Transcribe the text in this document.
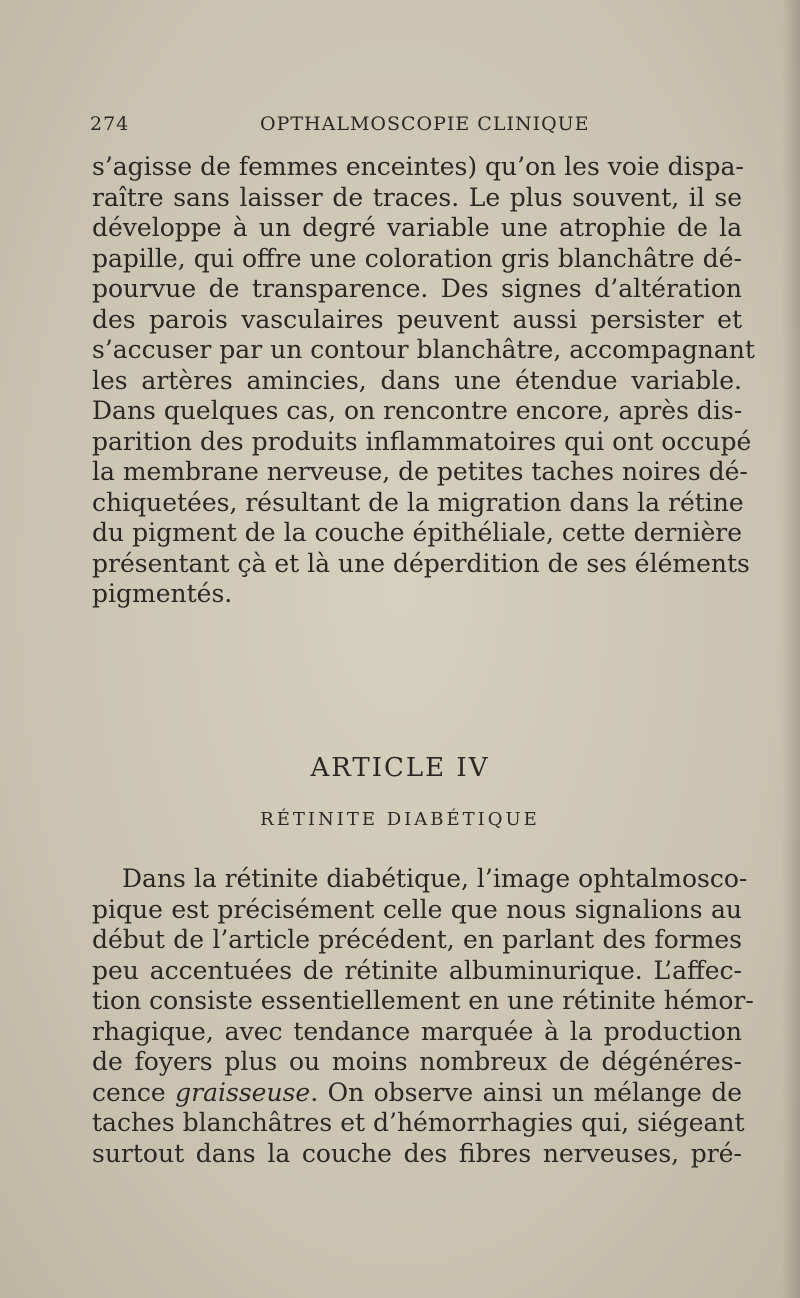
274	OPTHALMOSCOPIE CLINIQUE
s’agisse de femmes enceintes) qu’on les voie dispa-
raître sans laisser de traces. Le plus souvent, il se
développe à un degré variable une atrophie de la
papille, qui offre une coloration gris blanchâtre dé-
pourvue de transparence. Des signes d’altération
des parois vasculaires peuvent aussi persister et
s’accuser par un contour blanchâtre, accompagnant
les artères amincies, dans une étendue variable.
Dans quelques cas, on rencontre encore, après dis-
parition des produits inflammatoires qui ont occupé
la membrane nerveuse, de petites taches noires dé-
chiquetées, résultant de la migration dans la rétine
du pigment de la couche épithéliale, cette dernière
présentant çà et là une déperdition de ses éléments
pigmentés.
ARTICLE IV
RÉTINITE DIABÉTIQUE
Dans la rétinite diabétique, l’image ophtalmosco-
pique est précisément celle que nous signalions au
début de l’article précédent, en parlant des formes
peu accentuées de rétinite albuminurique. L’affec-
tion consiste essentiellement en une rétinite hémor-
rhagique, avec tendance marquée à la production
de foyers plus ou moins nombreux de dégénéres-
cence graisseuse. On observe ainsi un mélange de
taches blanchâtres et d’hémorrhagies qui, siégeant
surtout dans la couche des fibres nerveuses, pré-
